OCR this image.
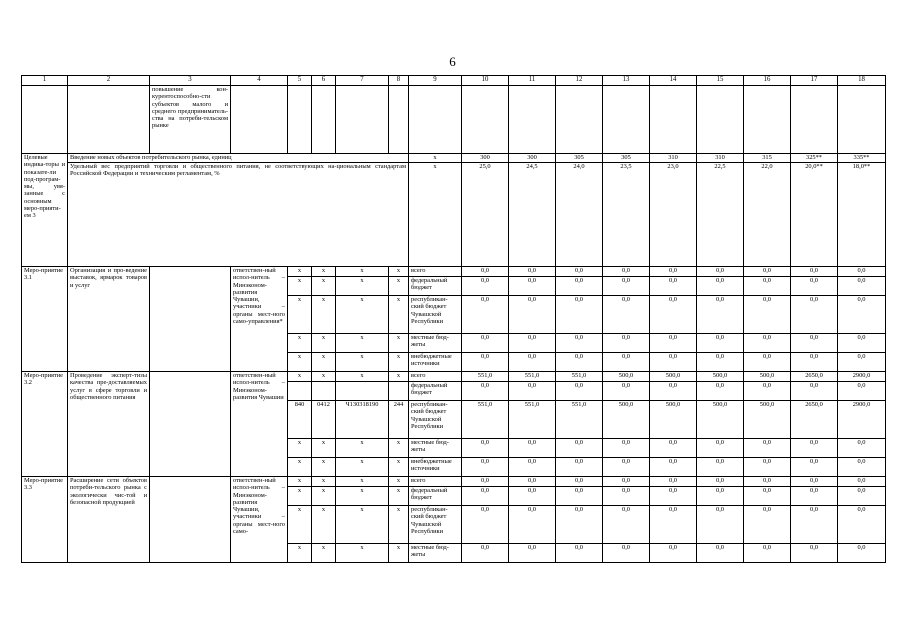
6
1	2	3	4	5	6	7	8	9	10	11	12	13	14	15	16	17	18
		повышение кон-курентоспособно-сти субъектов малого и среднего предприниматель-ства на потреби-тельском рынке															
Целевые индика-торы и показате-ли под-програм-мы, увя-занные с основным меро-прияти-ем 3	Введение новых объектов потребительского рынка, единиц							x	300	300	305	305	310	310	315	325**	335**
	Удельный вес предприятий торговли и общественного питания, не соответствующих на-циональным стандартам Российской Федерации и техническим регламентам, %							x	25,0	24,5	24,0	23,5	23,0	22,5	22,0	20,0**	18,0**
Меро-приятие 3.1	Организация и про-ведение выставок, ярмарок товаров и услуг		ответствен-ный испол-нитель – Минэконом-развития Чувашии, участники – органы мест-ного само-управления*	x	x	x	x	всего	0,0	0,0	0,0	0,0	0,0	0,0	0,0	0,0	0,0
				x	x	x	x	федеральный бюджет	0,0	0,0	0,0	0,0	0,0	0,0	0,0	0,0	0,0
				x	x	x	x	республикан-ский бюджет Чувашской Республики	0,0	0,0	0,0	0,0	0,0	0,0	0,0	0,0	0,0
				x	x	x	x	местные бюд-жеты	0,0	0,0	0,0	0,0	0,0	0,0	0,0	0,0	0,0
				x	x	x	x	внебюджетные источники	0,0	0,0	0,0	0,0	0,0	0,0	0,0	0,0	0,0
Меро-приятие 3.2	Проведение эксперт-тизы качества пре-доставляемых услуг в сфере торговли и общественного питания		ответствен-ный испол-нитель – Минэконом-развития Чувашии	x	x	x	x	всего	551,0	551,0	551,0	500,0	500,0	500,0	500,0	2650,0	2900,0
								федеральный бюджет	0,0	0,0	0,0	0,0	0,0	0,0	0,0	0,0	0,0
				840	0412	Ч130318190	244	республикан-ский бюджет Чувашской Республики	551,0	551,0	551,0	500,0	500,0	500,0	500,0	2650,0	2900,0
				x	x	x	x	местные бюд-жеты	0,0	0,0	0,0	0,0	0,0	0,0	0,0	0,0	0,0
				x	x	x	x	внебюджетные источники	0,0	0,0	0,0	0,0	0,0	0,0	0,0	0,0	0,0
Меро-приятие 3.3	Расширение сети объектов потреби-тельского рынка с экологически чис-той и безопасной продукцией		ответствен-ный испол-нитель – Минэконом-развития Чувашии, участники – органы мест-ного само-	x	x	x	x	всего	0,0	0,0	0,0	0,0	0,0	0,0	0,0	0,0	0,0
				x	x	x	x	федеральный бюджет	0,0	0,0	0,0	0,0	0,0	0,0	0,0	0,0	0,0
				x	x	x	x	республикан-ский бюджет Чувашской Республики	0,0	0,0	0,0	0,0	0,0	0,0	0,0	0,0	0,0
				x	x	x	x	местные бюд-жеты	0,0	0,0	0,0	0,0	0,0	0,0	0,0	0,0	0,0
